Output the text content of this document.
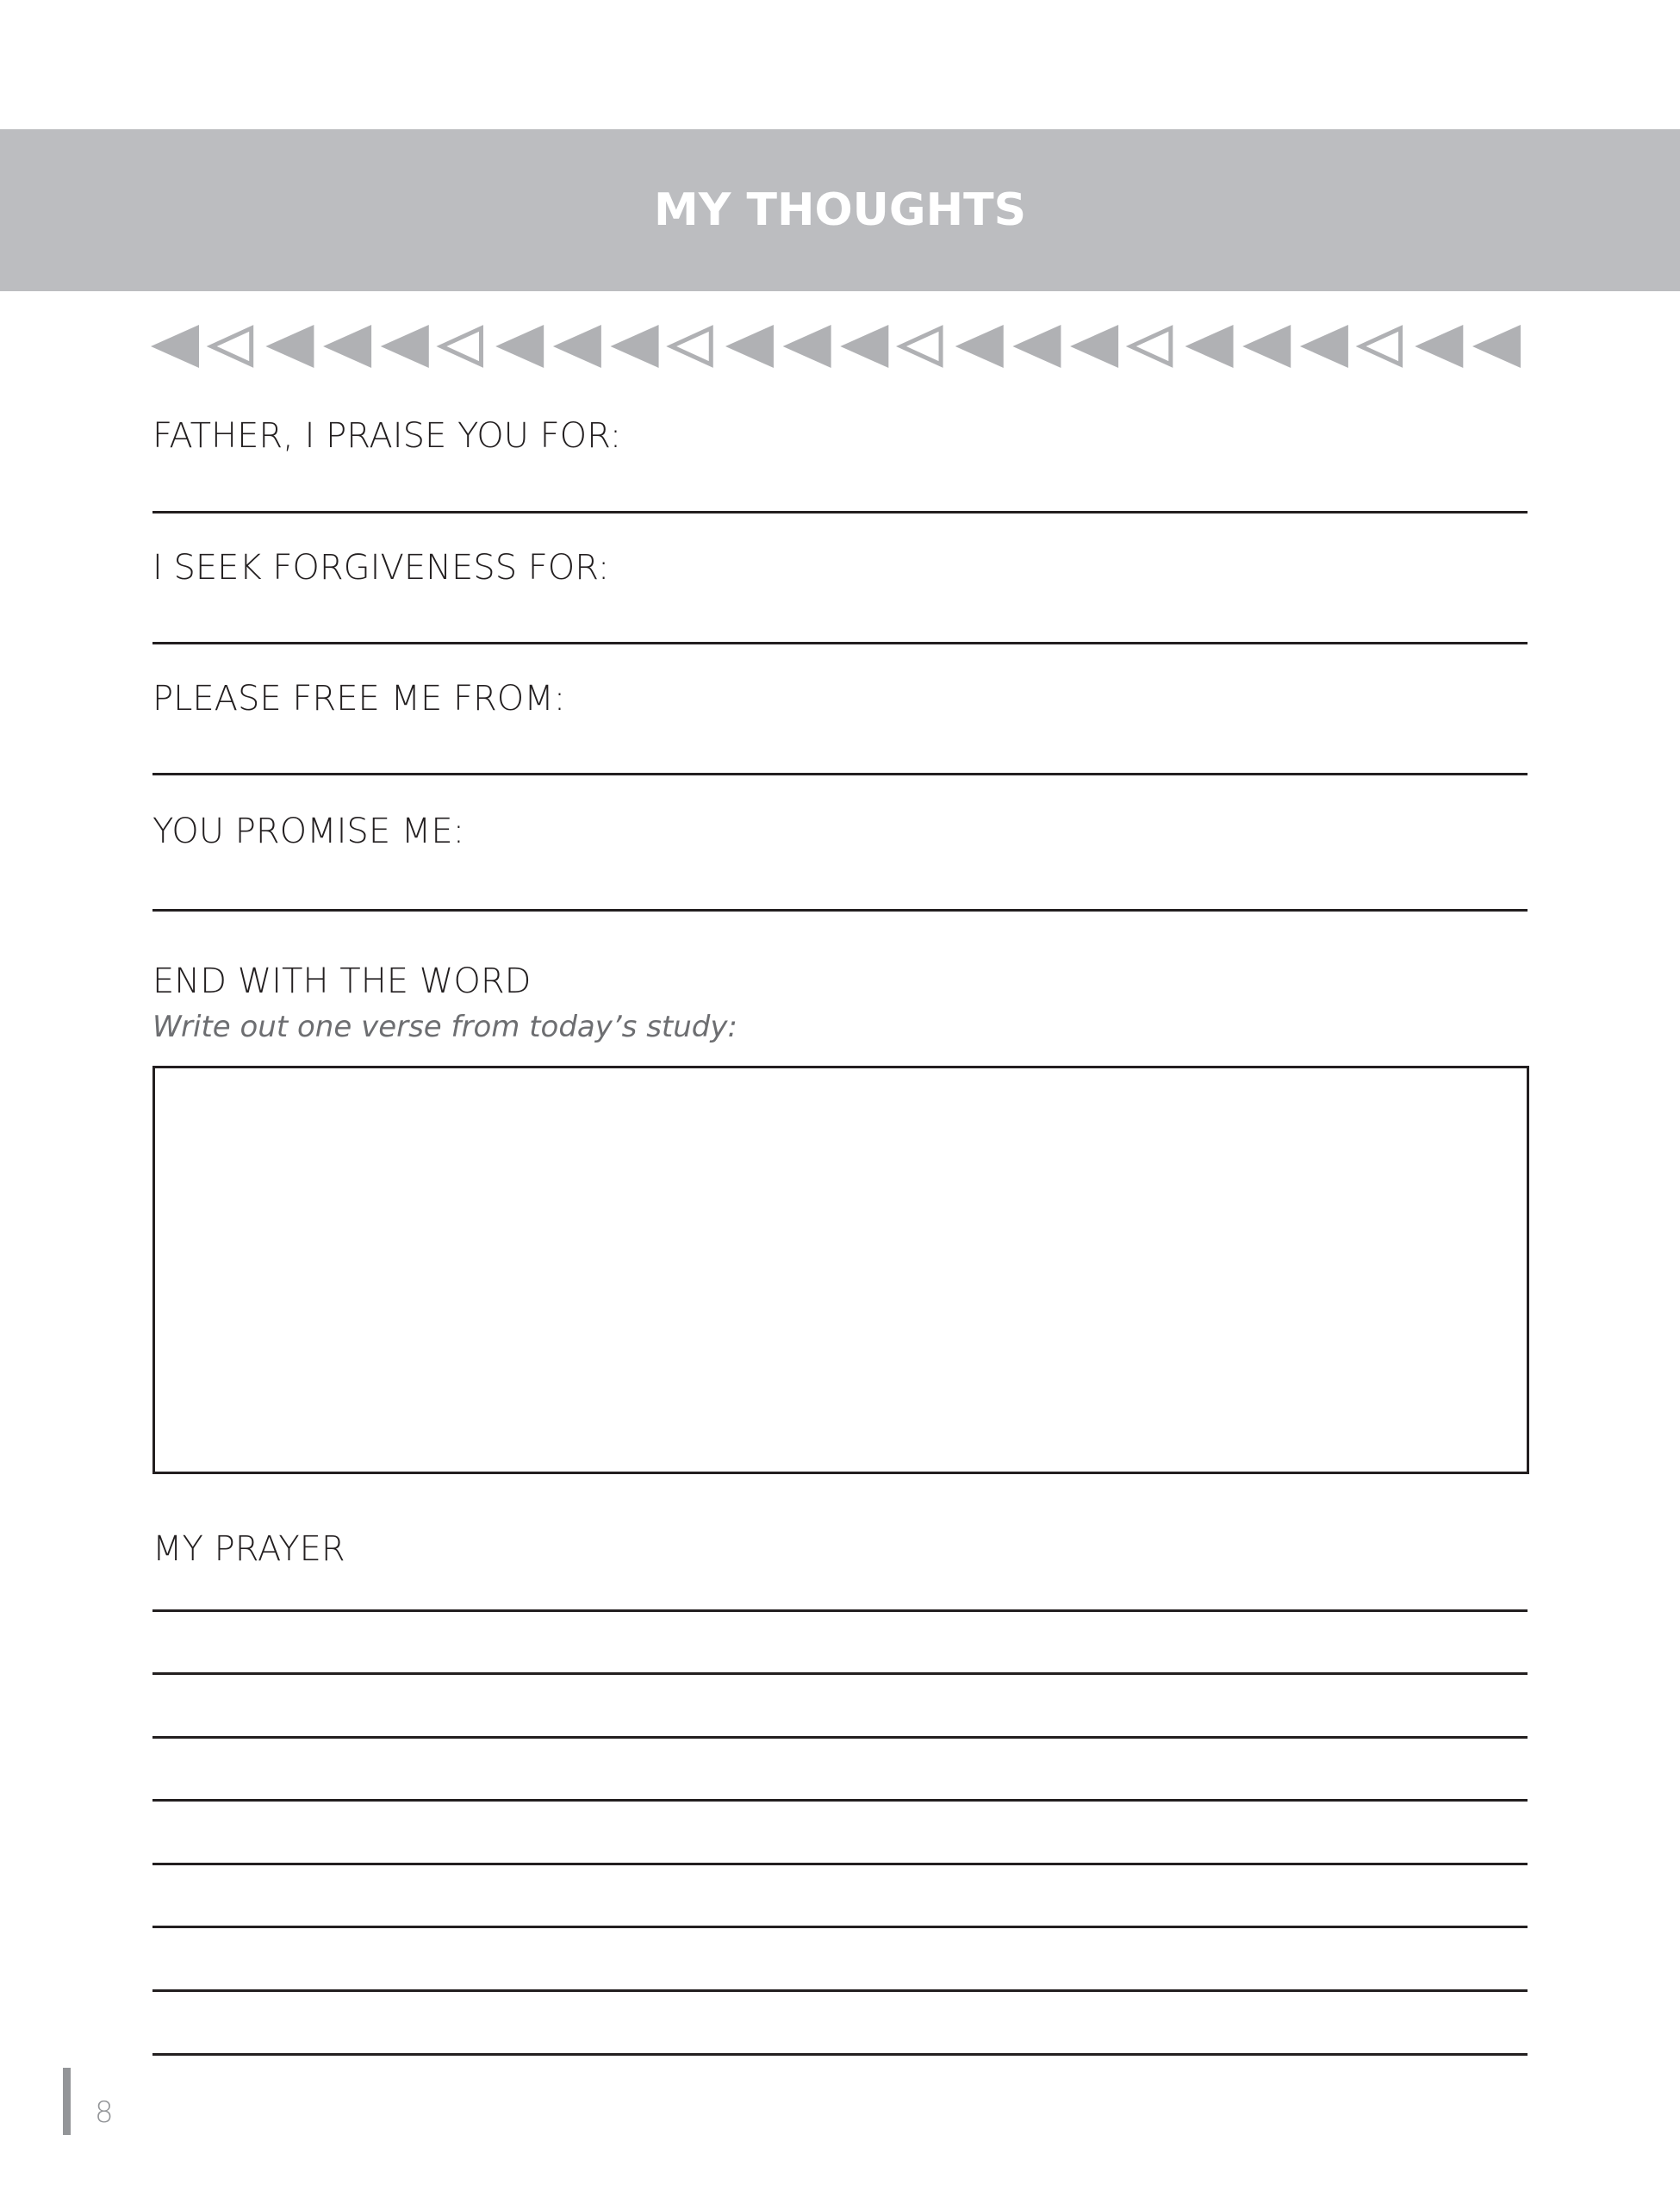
MY THOUGHTS
FATHER, I PRAISE YOU FOR:
I SEEK FORGIVENESS FOR:
PLEASE FREE ME FROM:
YOU PROMISE ME:
END WITH THE WORD
Write out one verse from today’s study:
MY PRAYER
8
